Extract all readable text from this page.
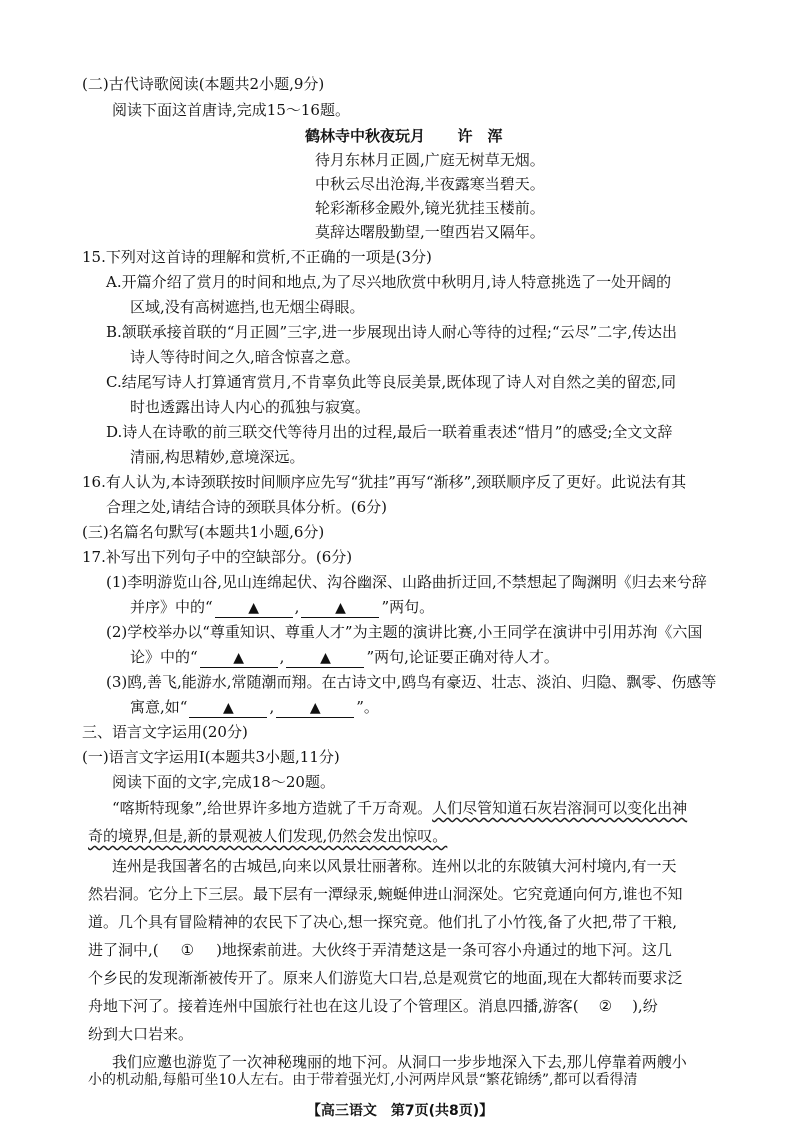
(二)古代诗歌阅读(本题共2小题,9分)
阅读下面这首唐诗,完成15～16题。
鹤林寺中秋夜玩月 许　浑
待月东林月正圆,广庭无树草无烟。
中秋云尽出沧海,半夜露寒当碧天。
轮彩渐移金殿外,镜光犹挂玉楼前。
莫辞达曙殷勤望,一堕西岩又隔年。
15.下列对这首诗的理解和赏析,不正确的一项是(3分)
A.开篇介绍了赏月的时间和地点,为了尽兴地欣赏中秋明月,诗人特意挑选了一处开阔的
区域,没有高树遮挡,也无烟尘碍眼。
B.颔联承接首联的“月正圆”三字,进一步展现出诗人耐心等待的过程;“云尽”二字,传达出
诗人等待时间之久,暗含惊喜之意。
C.结尾写诗人打算通宵赏月,不肯辜负此等良辰美景,既体现了诗人对自然之美的留恋,同
时也透露出诗人内心的孤独与寂寞。
D.诗人在诗歌的前三联交代等待月出的过程,最后一联着重表述“惜月”的感受;全文文辞
清丽,构思精妙,意境深远。
16.有人认为,本诗颈联按时间顺序应先写“犹挂”再写“渐移”,颈联顺序反了更好。此说法有其
合理之处,请结合诗的颈联具体分析。(6分)
(三)名篇名句默写(本题共1小题,6分)
17.补写出下列句子中的空缺部分。(6分)
(1)李明游览山谷,见山连绵起伏、沟谷幽深、山路曲折迂回,不禁想起了陶渊明《归去来兮辞
并序》中的“	▲ ,	▲ ”两句。
(2)学校举办以“尊重知识、尊重人才”为主题的演讲比赛,小王同学在演讲中引用苏洵《六国
论》中的“	▲ ,	▲ ”两句,论证要正确对待人才。
(3)鸥,善飞,能游水,常随潮而翔。在古诗文中,鸥鸟有豪迈、壮志、淡泊、归隐、飘零、伤感等
寓意,如“	▲ ,	▲ ”。
三、语言文字运用(20分)
(一)语言文字运用Ⅰ(本题共3小题,11分)
阅读下面的文字,完成18～20题。
“喀斯特现象”,给世界许多地方造就了千万奇观。人们尽管知道石灰岩溶洞可以变化出神
奇的境界,但是,新的景观被人们发现,仍然会发出惊叹。
连州是我国著名的古城邑,向来以风景壮丽著称。连州以北的东陂镇大河村境内,有一天
然岩洞。它分上下三层。最下层有一潭绿汞,蜿蜒伸进山洞深处。它究竟通向何方,谁也不知
道。几个具有冒险精神的农民下了决心,想一探究竟。他们扎了小竹筏,备了火把,带了干粮,
进了洞中,( ① )地探索前进。大伙终于弄清楚这是一条可容小舟通过的地下河。这几
个乡民的发现渐渐被传开了。原来人们游览大口岩,总是观赏它的地面,现在大都转而要求泛
舟地下河了。接着连州中国旅行社也在这儿设了个管理区。消息四播,游客( ② ),纷
纷到大口岩来。
我们应邀也游览了一次神秘瑰丽的地下河。从洞口一步步地深入下去,那儿停靠着两艘小
小的机动船,每船可坐10人左右。由于带着强光灯,小河两岸风景“繁花锦绣”,都可以看得清
【高三语文　第7页(共8页)】
